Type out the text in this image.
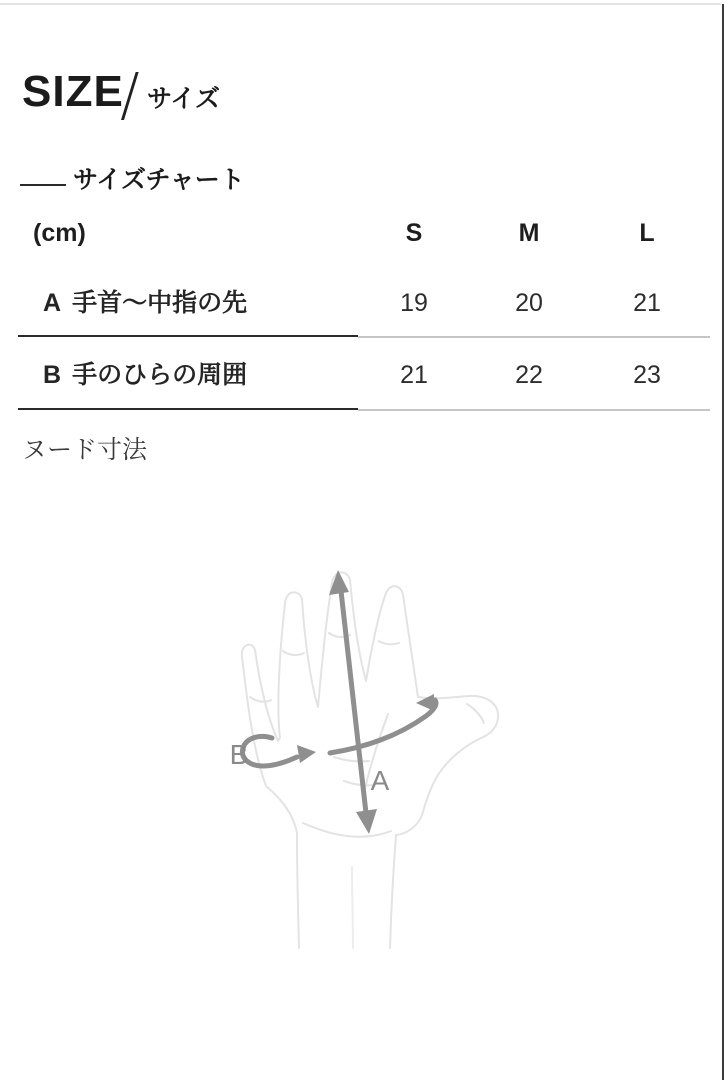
SIZE サイズ
サイズチャート
(cm)	S	M	L
A 手首〜中指の先	19	20	21
B 手のひらの周囲	21	22	23
ヌード寸法
A
B
